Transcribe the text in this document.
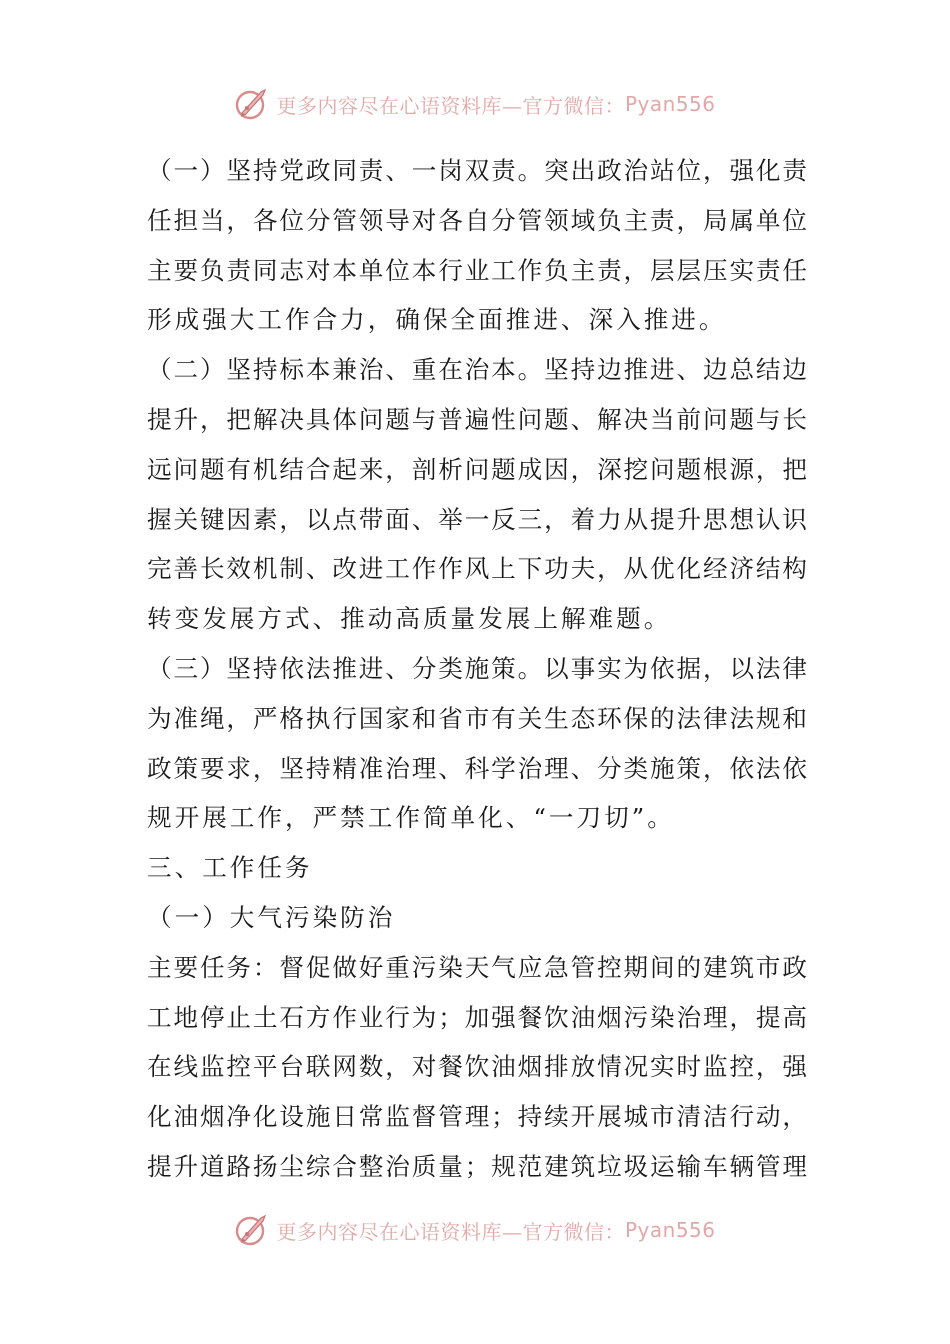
更多内容尽在心语资料库—官方微信： Pyan556
（一）坚持党政同责、一岗双责。突出政治站位，强化责
任担当，各位分管领导对各自分管领域负主责，局属单位
主要负责同志对本单位本行业工作负主责，层层压实责任
形成强大工作合力，确保全面推进、深入推进。
（二）坚持标本兼治、重在治本。坚持边推进、边总结边
提升，把解决具体问题与普遍性问题、解决当前问题与长
远问题有机结合起来，剖析问题成因，深挖问题根源，把
握关键因素，以点带面、举一反三，着力从提升思想认识
完善长效机制、改进工作作风上下功夫，从优化经济结构
转变发展方式、推动高质量发展上解难题。
（三）坚持依法推进、分类施策。以事实为依据，以法律
为准绳，严格执行国家和省市有关生态环保的法律法规和
政策要求，坚持精准治理、科学治理、分类施策，依法依
规开展工作，严禁工作简单化、“一刀切”。
三、工作任务
（一）大气污染防治
主要任务：督促做好重污染天气应急管控期间的建筑市政
工地停止土石方作业行为；加强餐饮油烟污染治理，提高
在线监控平台联网数，对餐饮油烟排放情况实时监控，强
化油烟净化设施日常监督管理；持续开展城市清洁行动，
提升道路扬尘综合整治质量；规范建筑垃圾运输车辆管理
更多内容尽在心语资料库—官方微信： Pyan556
